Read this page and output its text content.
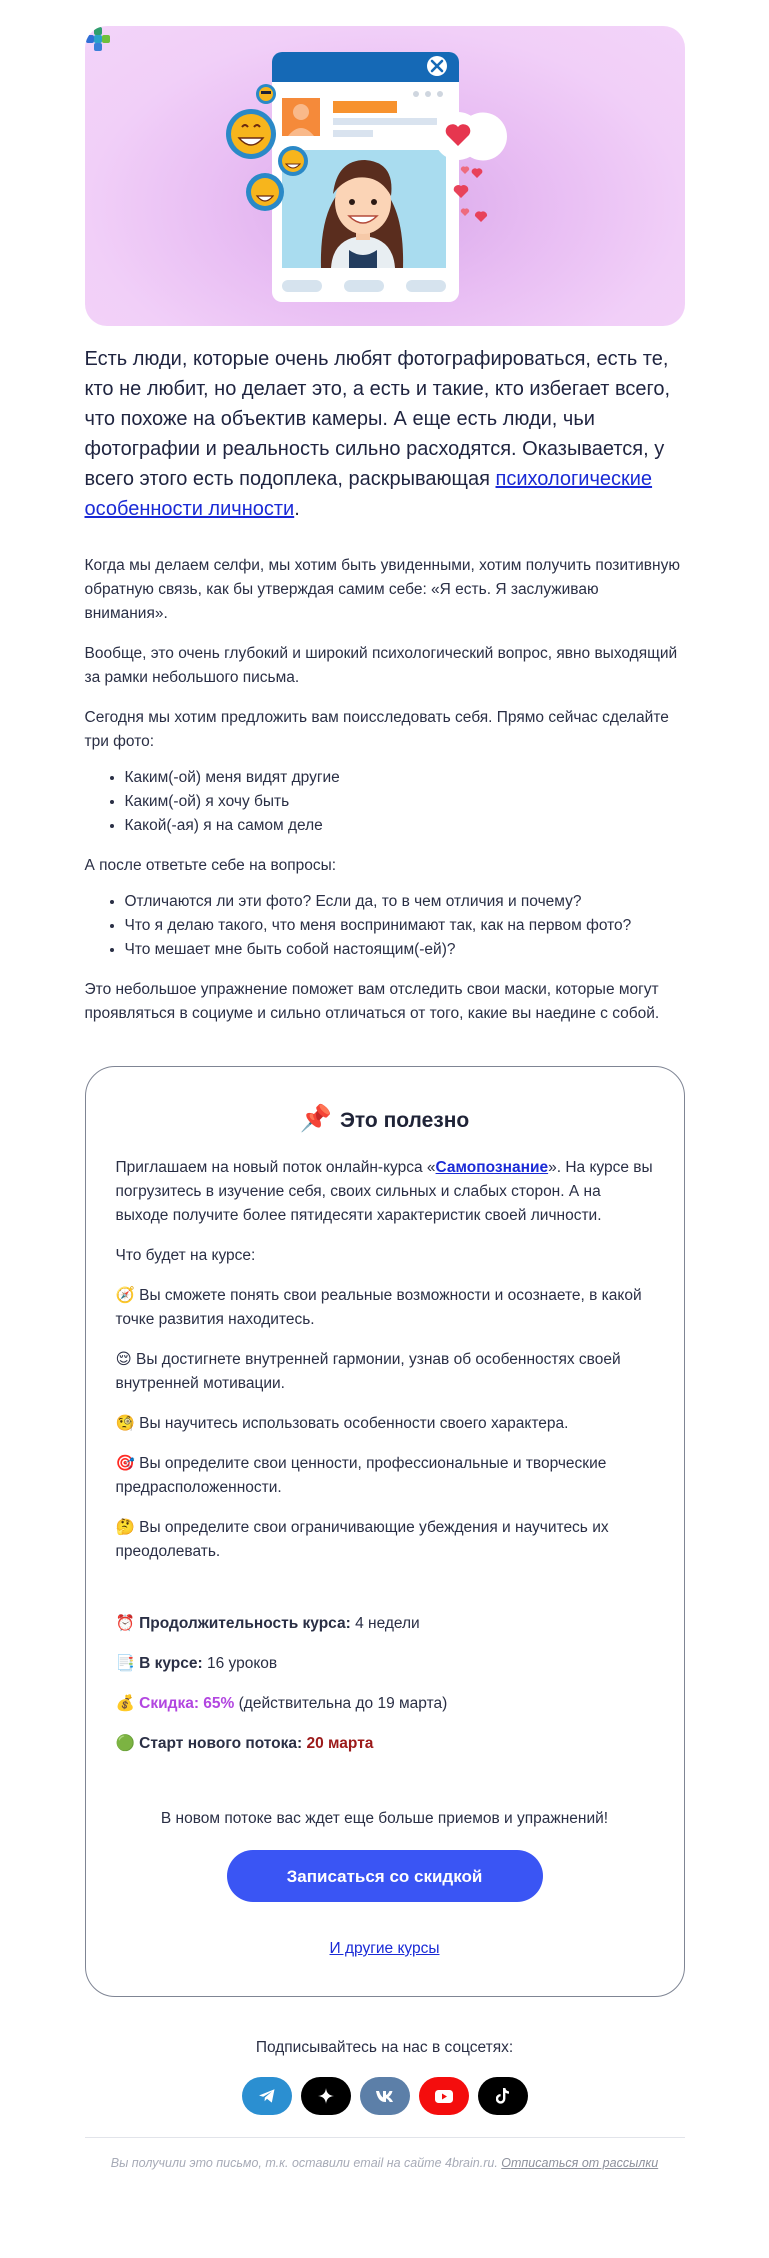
Есть люди, которые очень любят фотографироваться, есть те, кто не любит, но делает это, а есть и такие, кто избегает всего, что похоже на объектив камеры. А еще есть люди, чьи фотографии и реальность сильно расходятся. Оказывается, у всего этого есть подоплека, раскрывающая психологические особенности личности.

Когда мы делаем селфи, мы хотим быть увиденными, хотим получить позитивную обратную связь, как бы утверждая самим себе: «Я есть. Я заслуживаю внимания».

Вообще, это очень глубокий и широкий психологический вопрос, явно выходящий за рамки небольшого письма.

Сегодня мы хотим предложить вам поисследовать себя. Прямо сейчас сделайте три фото:

• Каким(-ой) меня видят другие
• Каким(-ой) я хочу быть
• Какой(-ая) я на самом деле

А после ответьте себе на вопросы:

• Отличаются ли эти фото? Если да, то в чем отличия и почему?
• Что я делаю такого, что меня воспринимают так, как на первом фото?
• Что мешает мне быть собой настоящим(-ей)?

Это небольшое упражнение поможет вам отследить свои маски, которые могут проявляться в социуме и сильно отличаться от того, какие вы наедине с собой.

📌 Это полезно

Приглашаем на новый поток онлайн-курса «Самопознание». На курсе вы погрузитесь в изучение себя, своих сильных и слабых сторон. А на выходе получите более пятидесяти характеристик своей личности.

Что будет на курсе:

🧭 Вы сможете понять свои реальные возможности и осознаете, в какой точке развития находитесь.

😌 Вы достигнете внутренней гармонии, узнав об особенностях своей внутренней мотивации.

🧐 Вы научитесь использовать особенности своего характера.

🎯 Вы определите свои ценности, профессиональные и творческие предрасположенности.

🤔 Вы определите свои ограничивающие убеждения и научитесь их преодолевать.

⏰ Продолжительность курса: 4 недели

📑 В курсе: 16 уроков

💰 Скидка: 65% (действительна до 19 марта)

🟢 Старт нового потока: 20 марта

В новом потоке вас ждет еще больше приемов и упражнений!
Записаться со скидкой
И другие курсы
Подписывайтесь на нас в соцсетях:
Вы получили это письмо, т.к. оставили email на сайте 4brain.ru. Отписаться от рассылки
